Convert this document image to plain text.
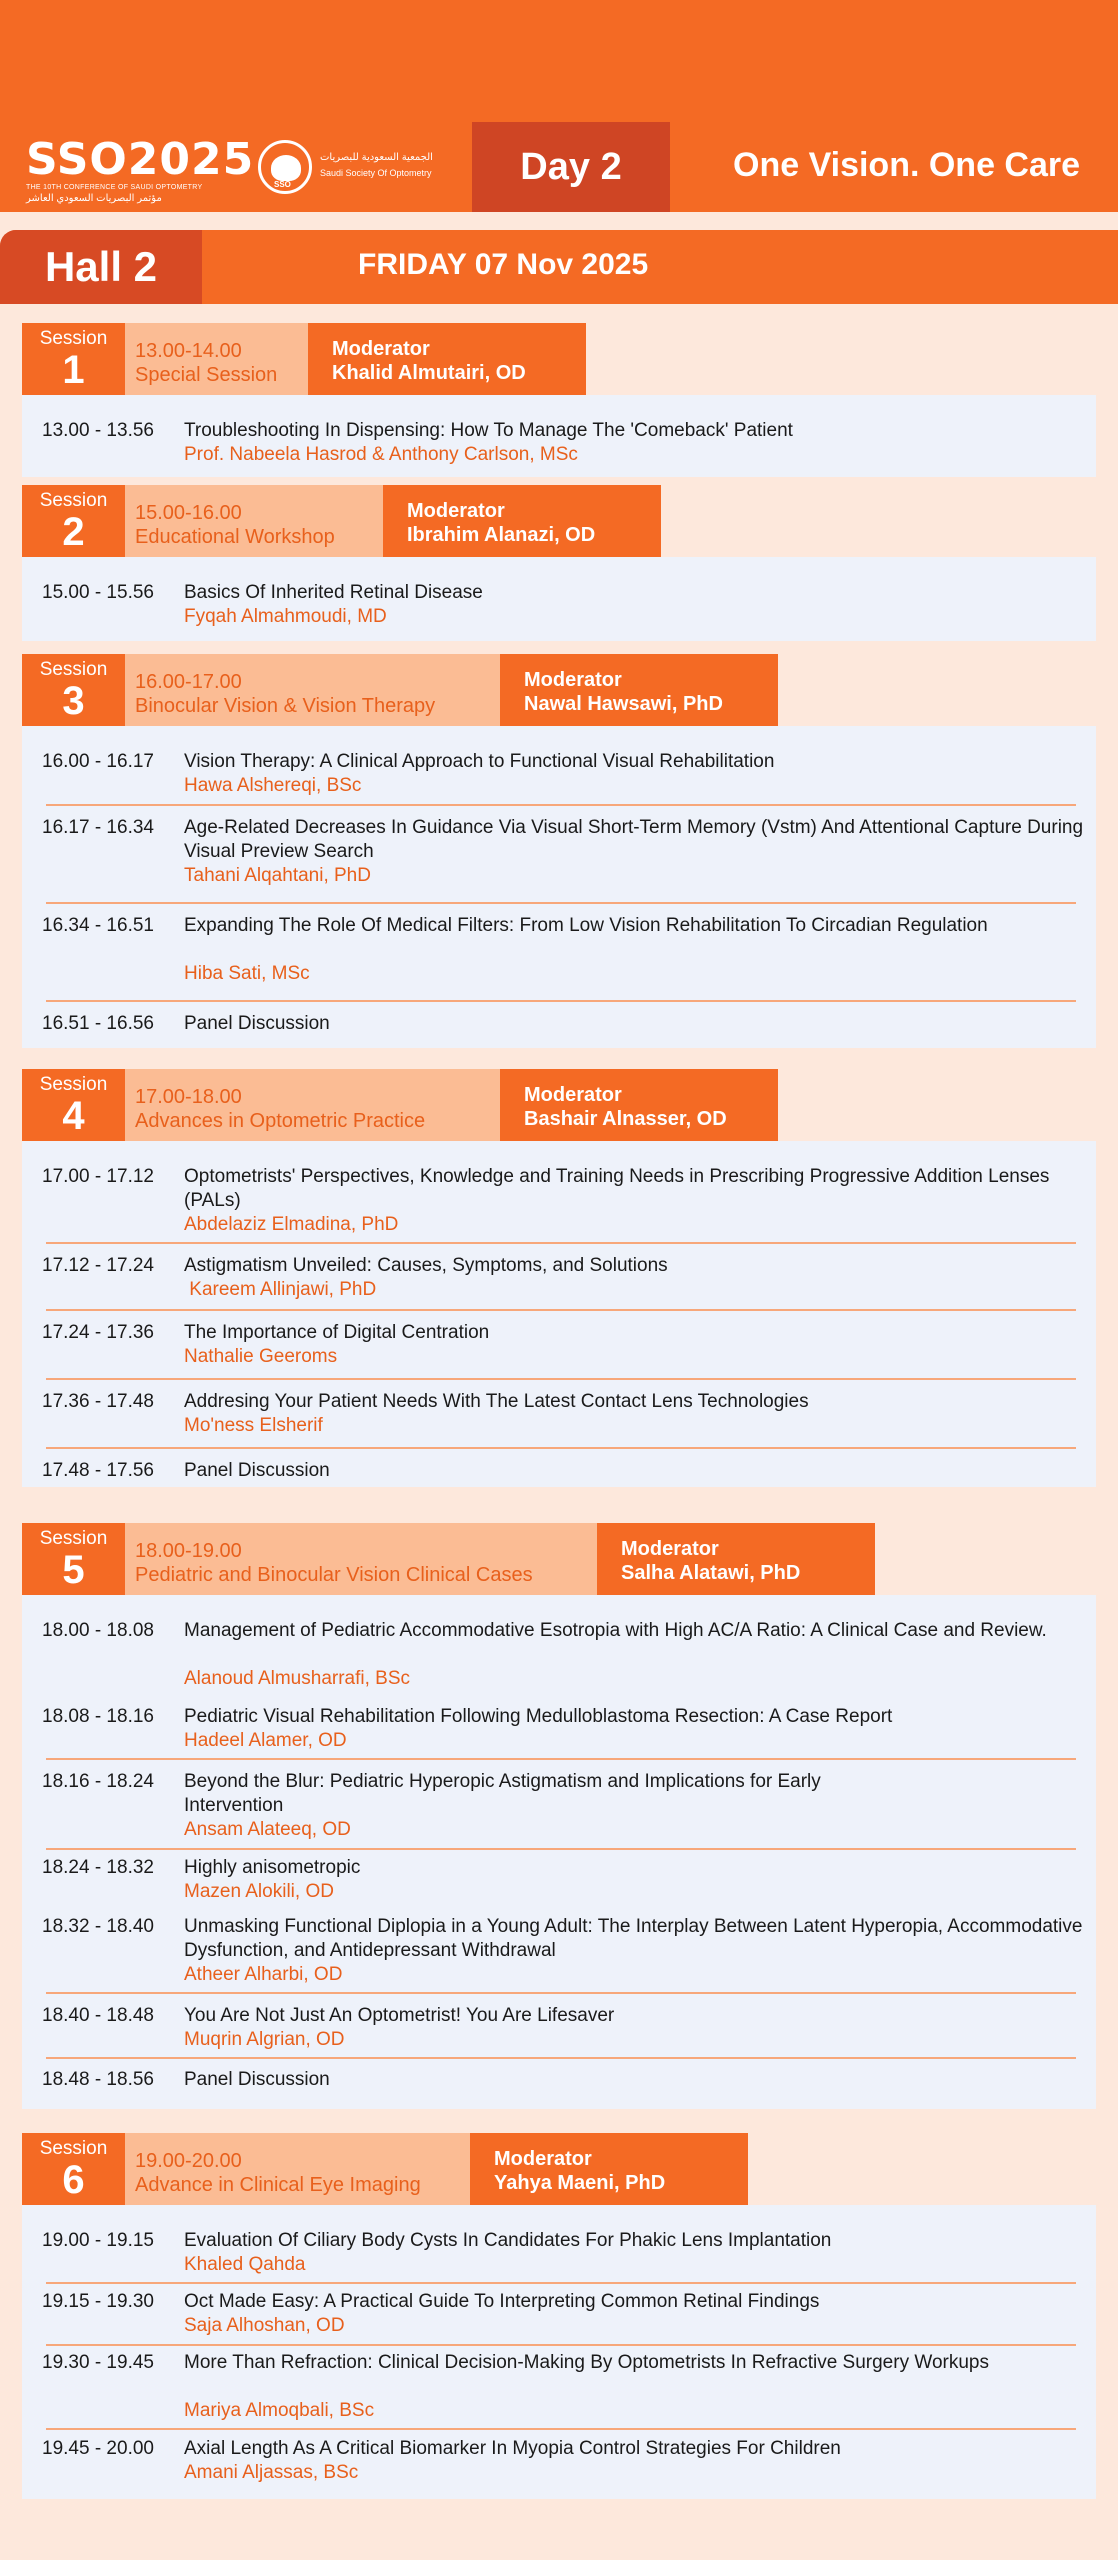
SSO2025
THE 10TH CONFERENCE OF SAUDI OPTOMETRY
مؤتمر البصريات السعودي العاشر
SSO
الجمعية السعودية للبصريات
Saudi Society Of Optometry	Day 2	One Vision. One Care
Hall 2	FRIDAY 07 Nov 2025
Session
1	13.00-14.00
Special Session
Moderator
Khalid Almutairi, OD
13.00 - 13.56	Troubleshooting In Dispensing: How To Manage The 'Comeback' Patient
Prof. Nabeela Hasrod & Anthony Carlson, MSc
Session
2	15.00-16.00
Educational Workshop
Moderator
Ibrahim Alanazi, OD
15.00 - 15.56	Basics Of Inherited Retinal Disease
Fyqah Almahmoudi, MD
Session
3	16.00-17.00
Binocular Vision & Vision Therapy
Moderator
Nawal Hawsawi, PhD
16.00 - 16.17	Vision Therapy: A Clinical Approach to Functional Visual Rehabilitation
Hawa Alshereqi, BSc
16.17 - 16.34	Age-Related Decreases In Guidance Via Visual Short-Term Memory (Vstm) And Attentional Capture During Visual Preview Search
Tahani Alqahtani, PhD
16.34 - 16.51	Expanding The Role Of Medical Filters: From Low Vision Rehabilitation To Circadian Regulation
Hiba Sati, MSc
16.51 - 16.56	Panel Discussion
Session
4	17.00-18.00
Advances in Optometric Practice
Moderator
Bashair Alnasser, OD
17.00 - 17.12	Optometrists' Perspectives, Knowledge and Training Needs in Prescribing Progressive Addition Lenses (PALs)
Abdelaziz Elmadina, PhD
17.12 - 17.24	Astigmatism Unveiled: Causes, Symptoms, and Solutions
Kareem Allinjawi, PhD
17.24 - 17.36	The Importance of Digital Centration
Nathalie Geeroms
17.36 - 17.48	Addresing Your Patient Needs With The Latest Contact Lens Technologies
Mo'ness Elsherif
17.48 - 17.56	Panel Discussion
Session
5	18.00-19.00
Pediatric and Binocular Vision Clinical Cases
Moderator
Salha Alatawi, PhD
18.00 - 18.08	Management of Pediatric Accommodative Esotropia with High AC/A Ratio: A Clinical Case and Review.
Alanoud Almusharrafi, BSc
18.08 - 18.16	Pediatric Visual Rehabilitation Following Medulloblastoma Resection: A Case Report
Hadeel Alamer, OD
18.16 - 18.24	Beyond the Blur: Pediatric Hyperopic Astigmatism and Implications for Early Intervention
Ansam Alateeq, OD
18.24 - 18.32	Highly anisometropic
Mazen Alokili, OD
18.32 - 18.40	Unmasking Functional Diplopia in a Young Adult: The Interplay Between Latent Hyperopia, Accommodative Dysfunction, and Antidepressant Withdrawal
Atheer Alharbi, OD
18.40 - 18.48	You Are Not Just An Optometrist! You Are Lifesaver
Muqrin Algrian, OD
18.48 - 18.56	Panel Discussion
Session
6	19.00-20.00
Advance in Clinical Eye Imaging
Moderator
Yahya Maeni, PhD
19.00 - 19.15	Evaluation Of Ciliary Body Cysts In Candidates For Phakic Lens Implantation
Khaled Qahda
19.15 - 19.30	Oct Made Easy: A Practical Guide To Interpreting Common Retinal Findings
Saja Alhoshan, OD
19.30 - 19.45	More Than Refraction: Clinical Decision-Making By Optometrists In Refractive Surgery Workups
Mariya Almoqbali, BSc
19.45 - 20.00	Axial Length As A Critical Biomarker In Myopia Control Strategies For Children
Amani Aljassas, BSc
